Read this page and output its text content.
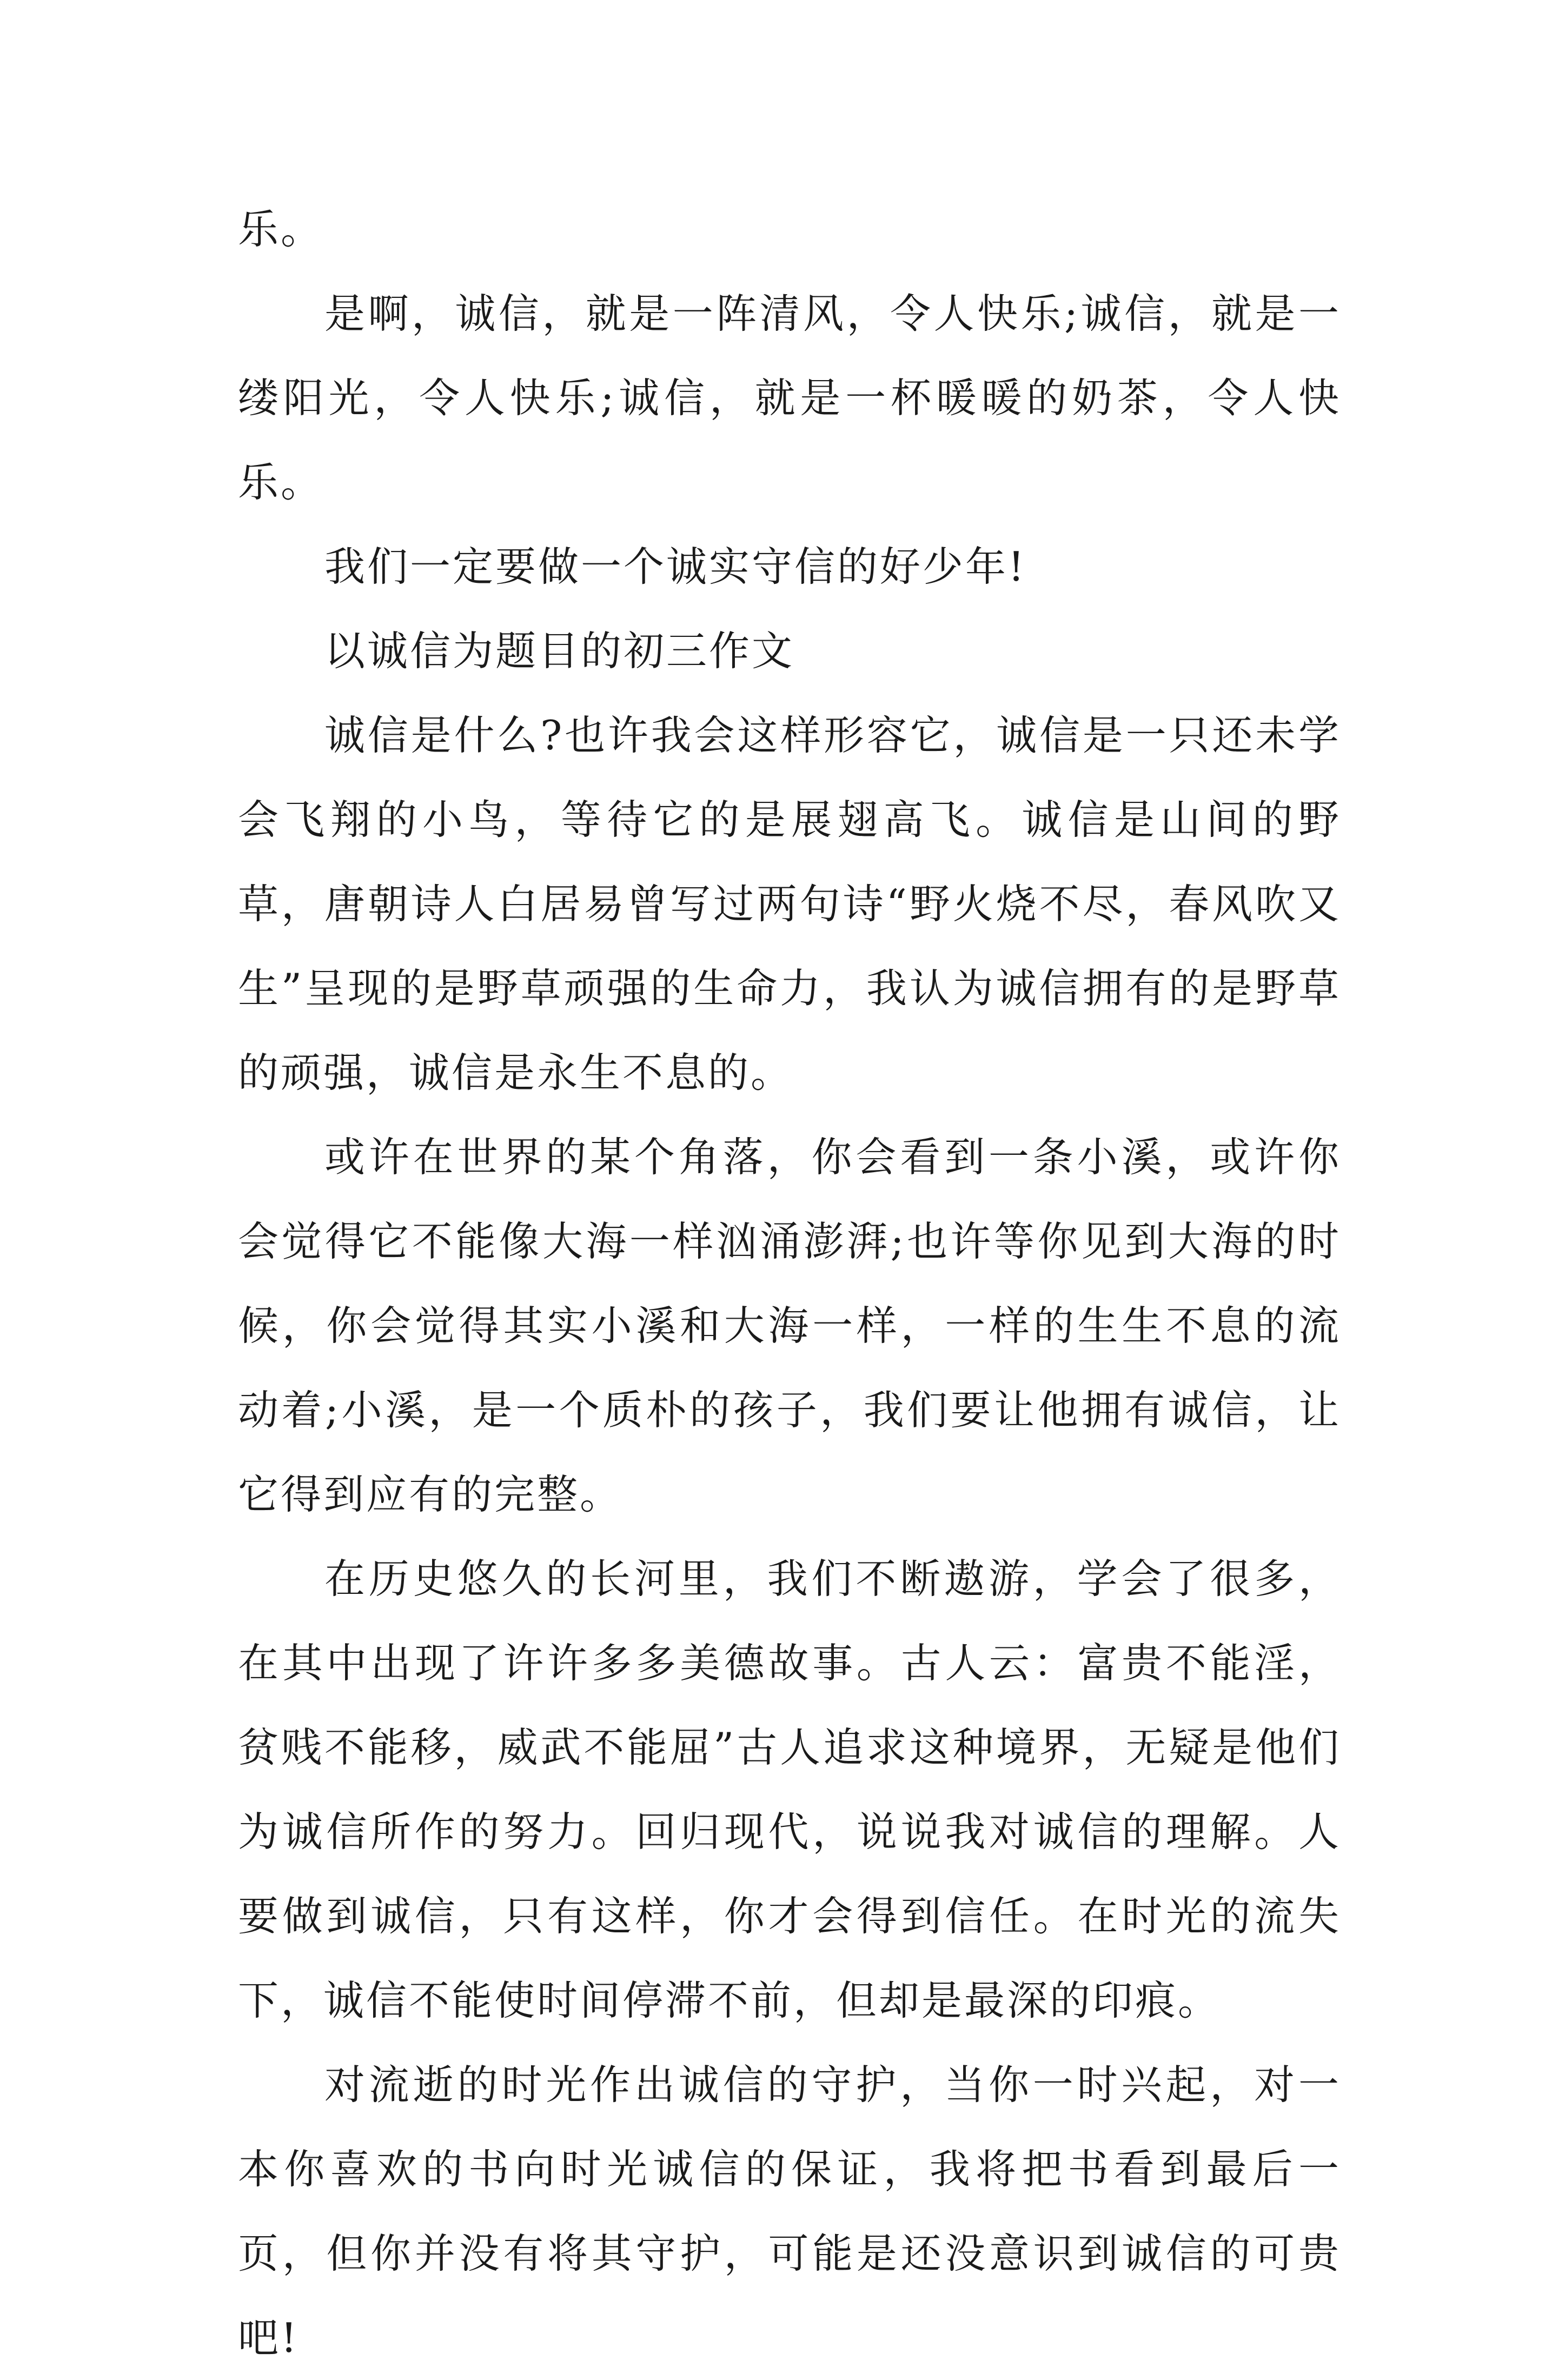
乐。

是啊，诚信，就是一阵清风，令人快乐;诚信，就是一缕阳光，令人快乐;诚信，就是一杯暖暖的奶茶，令人快乐。

我们一定要做一个诚实守信的好少年!

以诚信为题目的初三作文

诚信是什么?也许我会这样形容它，诚信是一只还未学会飞翔的小鸟，等待它的是展翅高飞。诚信是山间的野草，唐朝诗人白居易曾写过两句诗“野火烧不尽，春风吹又生”呈现的是野草顽强的生命力，我认为诚信拥有的是野草的顽强，诚信是永生不息的。

或许在世界的某个角落，你会看到一条小溪，或许你会觉得它不能像大海一样汹涌澎湃;也许等你见到大海的时候，你会觉得其实小溪和大海一样，一样的生生不息的流动着;小溪，是一个质朴的孩子，我们要让他拥有诚信，让它得到应有的完整。

在历史悠久的长河里，我们不断遨游，学会了很多，在其中出现了许许多多美德故事。古人云：富贵不能淫，贫贱不能移，威武不能屈”古人追求这种境界，无疑是他们为诚信所作的努力。回归现代，说说我对诚信的理解。人要做到诚信，只有这样，你才会得到信任。在时光的流失下，诚信不能使时间停滞不前，但却是最深的印痕。

对流逝的时光作出诚信的守护，当你一时兴起，对一本你喜欢的书向时光诚信的保证，我将把书看到最后一页，但你并没有将其守护，可能是还没意识到诚信的可贵吧!
